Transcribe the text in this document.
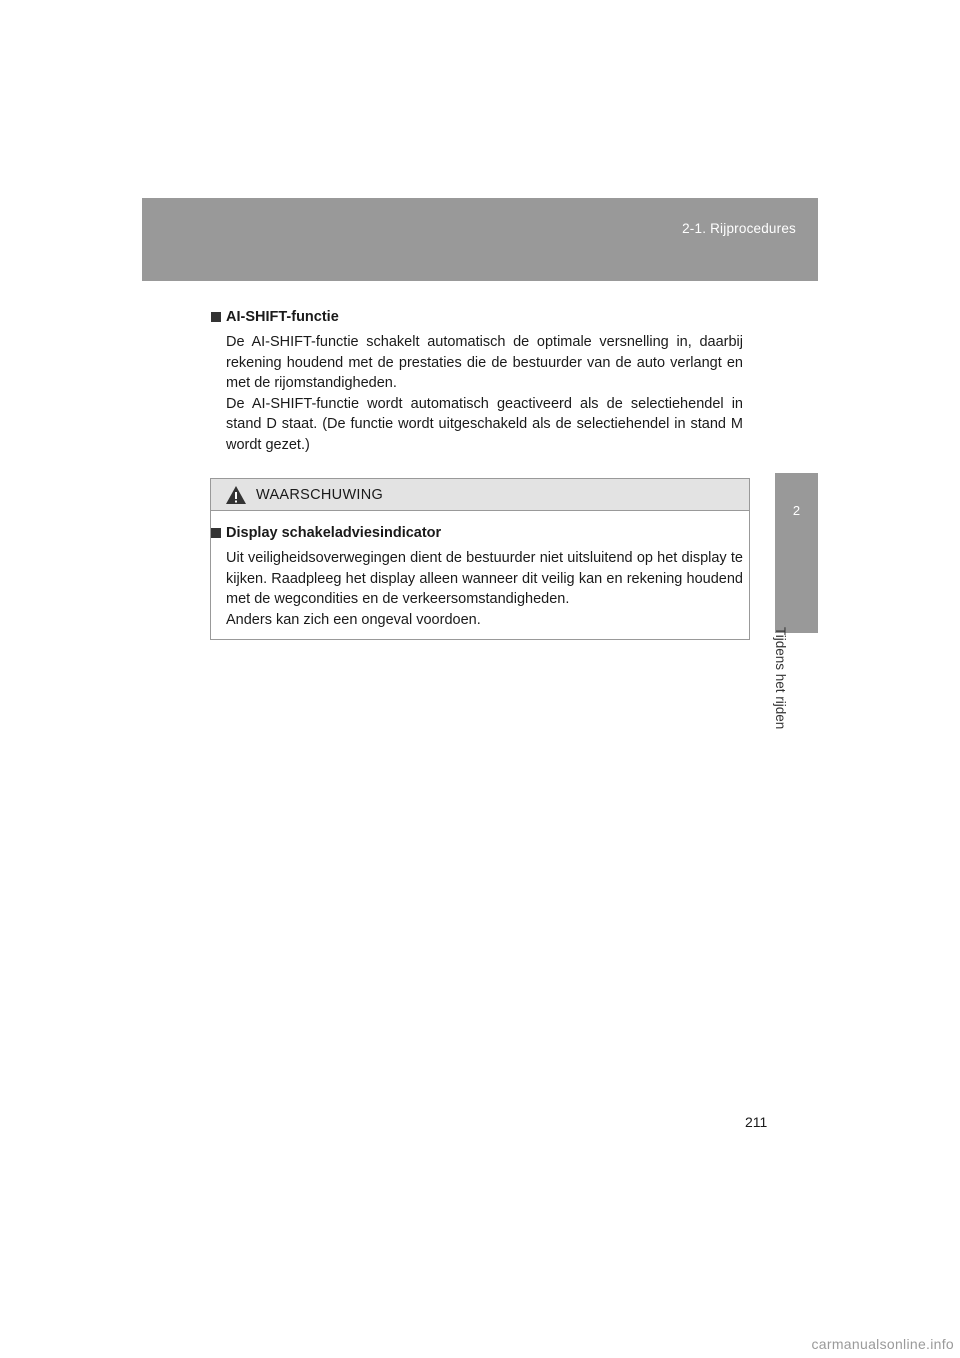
2-1. Rijprocedures
2
Tijdens het rijden

AI-SHIFT-functie

De AI-SHIFT-functie schakelt automatisch de optimale versnelling in, daarbij rekening houdend met de prestaties die de bestuurder van de auto verlangt en met de rijomstandigheden.

De AI-SHIFT-functie wordt automatisch geactiveerd als de selectiehendel in stand D staat. (De functie wordt uitgeschakeld als de selectiehendel in stand M wordt gezet.)

WAARSCHUWING

Display schakeladviesindicator

Uit veiligheidsoverwegingen dient de bestuurder niet uitsluitend op het display te kijken. Raadpleeg het display alleen wanneer dit veilig kan en rekening houdend met de wegcondities en de verkeersomstandigheden.

Anders kan zich een ongeval voordoen.

211
carmanualsonline.info
